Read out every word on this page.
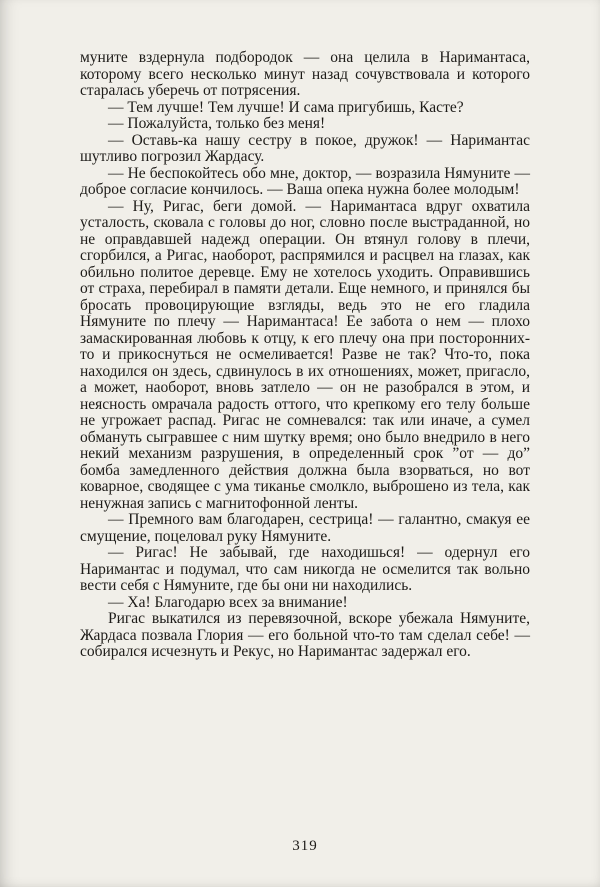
муните вздернула подбородок — она целила в Наримантаса, которому всего несколько минут назад сочувствовала и которого старалась уберечь от потрясения.

— Тем лучше! Тем лучше! И сама пригубишь, Касте?

— Пожалуйста, только без меня!

— Оставь-ка нашу сестру в покое, дружок! — Наримантас шутливо погрозил Жардасу.

— Не беспокойтесь обо мне, доктор, — возразила Нямуните — доброе согласие кончилось. — Ваша опека нужна более молодым!

— Ну, Ригас, беги домой. — Наримантаса вдруг охватила усталость, сковала с головы до ног, словно после выстраданной, но не оправдавшей надежд операции. Он втянул голову в плечи, сгорбился, а Ригас, наоборот, распрямился и расцвел на глазах, как обильно политое деревце. Ему не хотелось уходить. Оправившись от страха, перебирал в памяти детали. Еще немного, и принялся бы бросать провоцирующие взгляды, ведь это не его гладила Нямуните по плечу — Наримантаса! Ее забота о нем — плохо замаскированная любовь к отцу, к его плечу она при посторонних-то и прикоснуться не осмеливается! Разве не так? Что-то, пока находился он здесь, сдвинулось в их отношениях, может, пригасло, а может, наоборот, вновь затлело — он не разобрался в этом, и неясность омрачала радость оттого, что крепкому его телу больше не угрожает распад. Ригас не сомневался: так или иначе, а сумел обмануть сыгравшее с ним шутку время; оно было внедрило в него некий механизм разрушения, в определенный срок ”от — до” бомба замедленного действия должна была взорваться, но вот коварное, сводящее с ума тиканье смолкло, выброшено из тела, как ненужная запись с магнитофонной ленты.

— Премного вам благодарен, сестрица! — галантно, смакуя ее смущение, поцеловал руку Нямуните.

— Ригас! Не забывай, где находишься! — одернул его Наримантас и подумал, что сам никогда не осмелится так вольно вести себя с Нямуните, где бы они ни находились.

— Ха! Благодарю всех за внимание!

Ригас выкатился из перевязочной, вскоре убежала Нямуните, Жардаса позвала Глория — его больной что-то там сделал себе! — собирался исчезнуть и Рекус, но Наримантас задержал его.

319
